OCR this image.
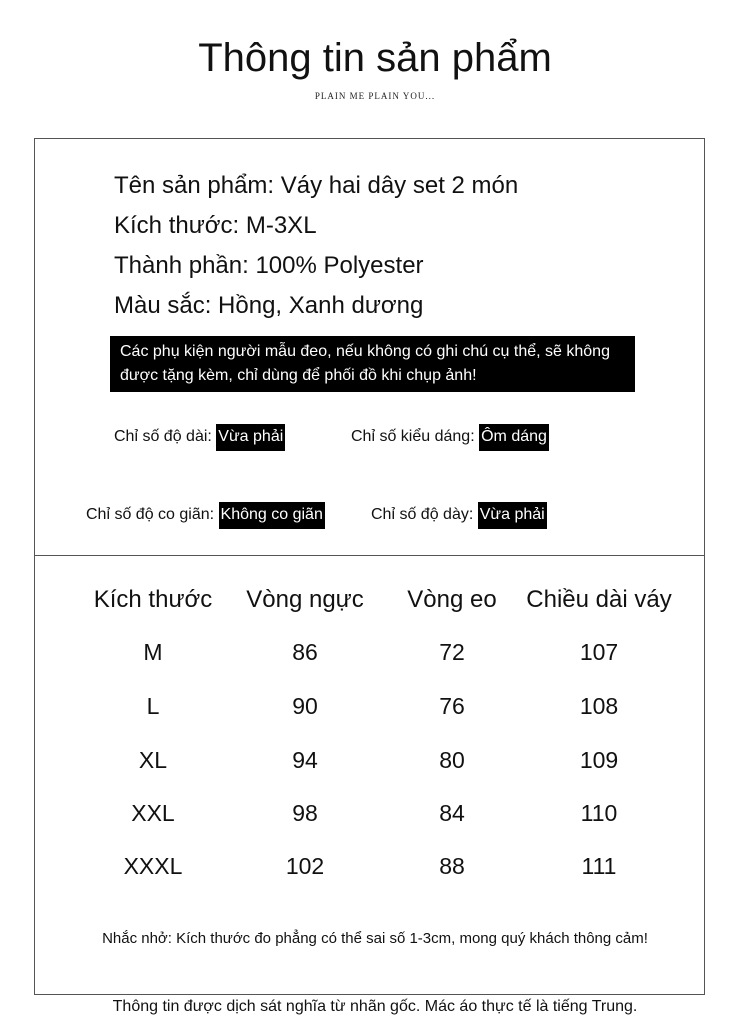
Thông tin sản phẩm
PLAIN ME PLAIN YOU...
Tên sản phẩm: Váy hai dây set 2 món
Kích thước: M-3XL
Thành phần: 100% Polyester
Màu sắc: Hồng, Xanh dương
Các phụ kiện người mẫu đeo, nếu không có ghi chú cụ thể, sẽ không được tặng kèm, chỉ dùng để phối đồ khi chụp ảnh!
Chỉ số độ dài: Vừa phải	Chỉ số kiểu dáng: Ôm dáng
Chỉ số độ co giãn: Không co giãn	Chỉ số độ dày: Vừa phải
Kích thước	Vòng ngực	Vòng eo	Chiều dài váy
M	86	72	107
L	90	76	108
XL	94	80	109
XXL	98	84	110
XXXL	102	88	111
Nhắc nhở: Kích thước đo phẳng có thể sai số 1-3cm, mong quý khách thông cảm!
Thông tin được dịch sát nghĩa từ nhãn gốc. Mác áo thực tế là tiếng Trung.
